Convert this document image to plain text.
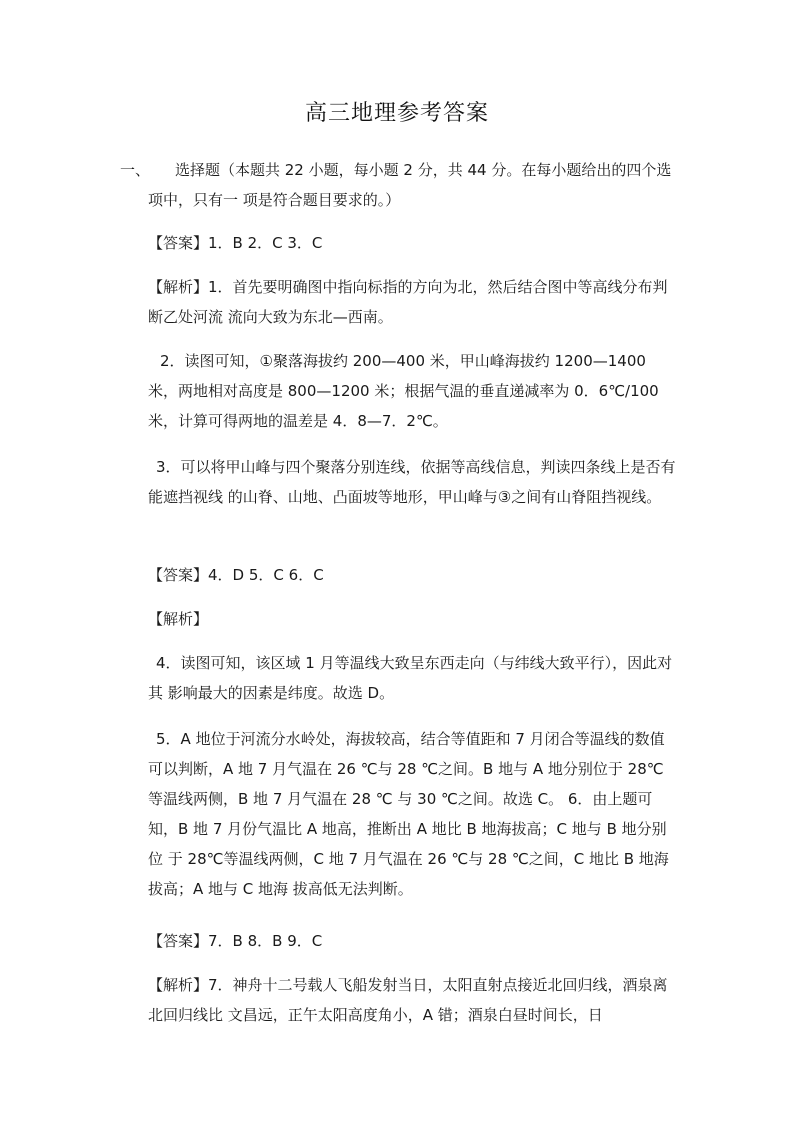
高三地理参考答案
一、	选择题（本题共 22 小题，每小题 2 分，共 44 分。在每小题给出的四个选项中，只有一 项是符合题目要求的。）
【答案】1．B 2．C 3．C
【解析】1．首先要明确图中指向标指的方向为北，然后结合图中等高线分布判断乙处河流 流向大致为东北—西南。
2．读图可知，①聚落海拔约 200—400 米，甲山峰海拔约 1200—1400 米，两地相对高度是 800—1200 米；根据气温的垂直递减率为 0．6℃/100 米，计算可得两地的温差是 4．8—7．2℃。
3．可以将甲山峰与四个聚落分别连线，依据等高线信息，判读四条线上是否有能遮挡视线 的山脊、山地、凸面坡等地形，甲山峰与③之间有山脊阻挡视线。
【答案】4．D 5．C 6．C
【解析】
4．读图可知，该区域 1 月等温线大致呈东西走向（与纬线大致平行），因此对其 影响最大的因素是纬度。故选 D。
5．A 地位于河流分水岭处，海拔较高，结合等值距和 7 月闭合等温线的数值可以判断，A 地 7 月气温在 26 ℃与 28 ℃之间。B 地与 A 地分别位于 28℃等温线两侧，B 地 7 月气温在 28 ℃ 与 30 ℃之间。故选 C。 6．由上题可知，B 地 7 月份气温比 A 地高，推断出 A 地比 B 地海拔高；C 地与 B 地分别位 于 28℃等温线两侧，C 地 7 月气温在 26 ℃与 28 ℃之间，C 地比 B 地海拔高；A 地与 C 地海 拔高低无法判断。
【答案】7．B 8．B 9．C
【解析】7．神舟十二号载人飞船发射当日，太阳直射点接近北回归线，酒泉离北回归线比 文昌远，正午太阳高度角小，A 错；酒泉白昼时间长，日
